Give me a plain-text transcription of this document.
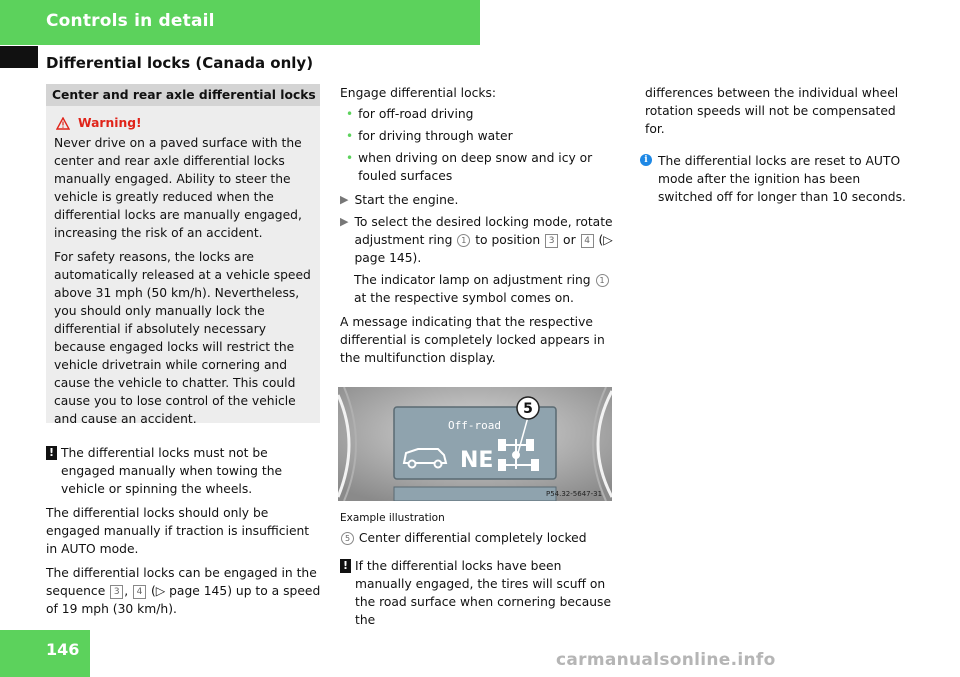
Controls in detail
Differential locks (Canada only)
Center and rear axle differential locks
Warning!

Never drive on a paved surface with the center and rear axle differential locks manually engaged. Ability to steer the vehicle is greatly reduced when the differential locks are manually engaged, increasing the risk of an accident.

For safety reasons, the locks are automatically released at a vehicle speed above 31 mph (50 km/h). Nevertheless, you should only manually lock the differential if absolutely necessary because engaged locks will restrict the vehicle drivetrain while cornering and cause the vehicle to chatter. This could cause you to lose control of the vehicle and cause an accident.

! The differential locks must not be engaged manually when towing the vehicle or spinning the wheels.

The differential locks should only be engaged manually if traction is insufficient in AUTO mode.

The differential locks can be engaged in the sequence 3 , 4 (▷ page 145) up to a speed of 19 mph (30 km/h).

Engage differential locks:

• for off-road driving
• for driving through water
• when driving on deep snow and icy or fouled surfaces
▶ Start the engine.
▶ To select the desired locking mode, rotate adjustment ring 1 to position 3 or 4 (▷ page 145).

The indicator lamp on adjustment ring 1 at the respective symbol comes on.

A message indicating that the respective differential is completely locked appears in the multifunction display.

Off-road
NE
5
P54.32-5647-31

Example illustration

5 Center differential completely locked

! If the differential locks have been manually engaged, the tires will scuff on the road surface when cornering because the

differences between the individual wheel rotation speeds will not be compensated for.

i The differential locks are reset to AUTO mode after the ignition has been switched off for longer than 10 seconds.
146
carmanualsonline.info
